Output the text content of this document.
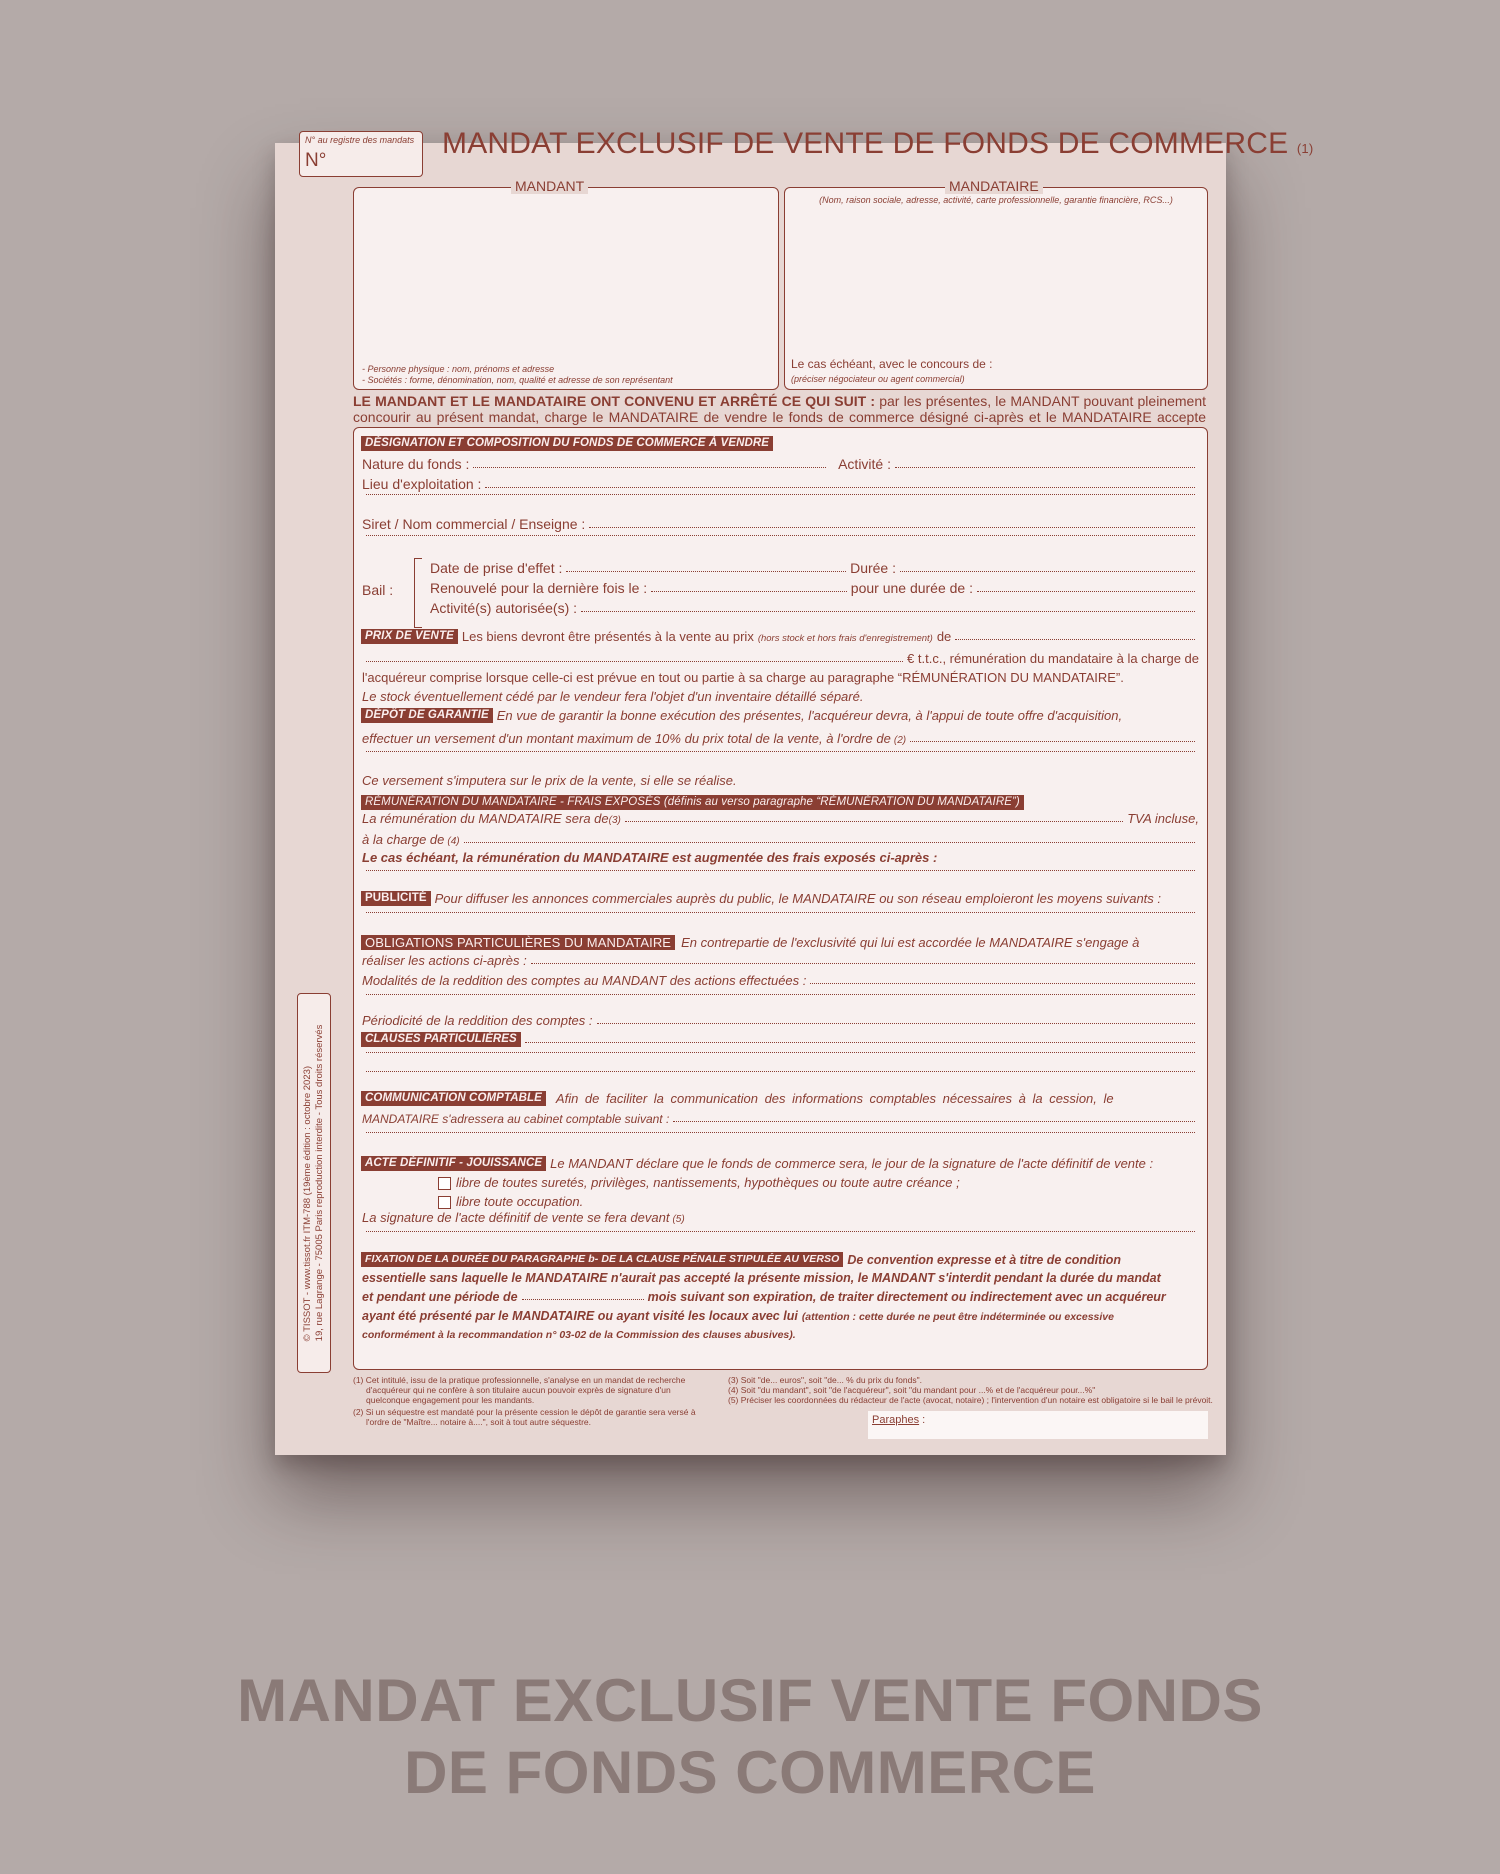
N° au registre des mandats
N°
MANDAT EXCLUSIF DE VENTE DE FONDS DE COMMERCE (1)
MANDANT
- Personne physique : nom, prénoms et adresse
- Sociétés : forme, dénomination, nom, qualité et adresse de son représentant
MANDATAIRE
(Nom, raison sociale, adresse, activité, carte professionnelle, garantie financière, RCS...)
Le cas échéant, avec le concours de :
(préciser négociateur ou agent commercial)
LE MANDANT ET LE MANDATAIRE ONT CONVENU ET ARRÊTÉ CE QUI SUIT : par les présentes, le MANDANT pouvant pleinement concourir au présent mandat, charge le MANDATAIRE de vendre le fonds de commerce désigné ci-après et le MANDATAIRE accepte
DÉSIGNATION ET COMPOSITION DU FONDS DE COMMERCE À VENDRE
Nature du fonds :	Activité :
Lieu d'exploitation :
Siret / Nom commercial / Enseigne :
Bail :
Date de prise d'effet :	Durée :
Renouvelé pour la dernière fois le :	pour une durée de :
Activité(s) autorisée(s) :
PRIX DE VENTE Les biens devront être présentés à la vente au prix (hors stock et hors frais d'enregistrement) de
€ t.t.c., rémunération du mandataire à la charge de
l'acquéreur comprise lorsque celle-ci est prévue en tout ou partie à sa charge au paragraphe “RÉMUNÉRATION DU MANDATAIRE”.
Le stock éventuellement cédé par le vendeur fera l'objet d'un inventaire détaillé séparé.
DÉPÔT DE GARANTIE En vue de garantir la bonne exécution des présentes, l'acquéreur devra, à l'appui de toute offre d'acquisition,
effectuer un versement d'un montant maximum de 10% du prix total de la vente, à l'ordre de (2)
Ce versement s'imputera sur le prix de la vente, si elle se réalise.
RÉMUNÉRATION DU MANDATAIRE - FRAIS EXPOSÉS (définis au verso paragraphe “RÉMUNÉRATION DU MANDATAIRE”)
La rémunération du MANDATAIRE sera de (3)	TVA incluse,
à la charge de (4)
Le cas échéant, la rémunération du MANDATAIRE est augmentée des frais exposés ci-après :
PUBLICITÉ Pour diffuser les annonces commerciales auprès du public, le MANDATAIRE ou son réseau emploieront les moyens suivants :
OBLIGATIONS PARTICULIÈRES DU MANDATAIRE En contrepartie de l'exclusivité qui lui est accordée le MANDATAIRE s'engage à
réaliser les actions ci-après :
Modalités de la reddition des comptes au MANDANT des actions effectuées :
Périodicité de la reddition des comptes :
CLAUSES PARTICULIÈRES
COMMUNICATION COMPTABLE	Afin de faciliter la communication des informations comptables nécessaires à la cession, le
MANDATAIRE s'adressera au cabinet comptable suivant :
ACTE DÉFINITIF - JOUISSANCE Le MANDANT déclare que le fonds de commerce sera, le jour de la signature de l'acte définitif de vente :
libre de toutes suretés, privilèges, nantissements, hypothèques ou toute autre créance ;
libre toute occupation.
La signature de l'acte définitif de vente se fera devant (5)
FIXATION DE LA DURÉE DU PARAGRAPHE b- DE LA CLAUSE PÉNALE STIPULÉE AU VERSO De convention expresse et à titre de condition
essentielle sans laquelle le MANDATAIRE n'aurait pas accepté la présente mission, le MANDANT s'interdit pendant la durée du mandat
et pendant une période de	mois suivant son expiration, de traiter directement ou indirectement avec un acquéreur
ayant été présenté par le MANDATAIRE ou ayant visité les locaux avec lui (attention : cette durée ne peut être indéterminée ou excessive
conformément à la recommandation n° 03-02 de la Commission des clauses abusives).
(1) Cet intitulé, issu de la pratique professionnelle, s'analyse en un mandat de recherche
d'acquéreur qui ne confère à son titulaire aucun pouvoir exprès de signature d'un
quelconque engagement pour les mandants.
(2) Si un séquestre est mandaté pour la présente cession le dépôt de garantie sera versé à
l'ordre de "Maître... notaire à....", soit à tout autre séquestre.
(3) Soit "de... euros", soit "de... % du prix du fonds".
(4) Soit "du mandant", soit "de l'acquéreur", soit "du mandant pour ...% et de l'acquéreur pour...%"
(5) Préciser les coordonnées du rédacteur de l'acte (avocat, notaire) ; l'intervention d'un notaire est obligatoire si le bail le prévoit.
Paraphes :
© TISSOT - www.tissot.fr ITM-788 (19ème édition : octobre 2023) 19, rue Lagrange - 75005 Paris reproduction interdite - Tous droits réservés
MANDAT EXCLUSIF VENTE FONDS
DE FONDS COMMERCE
